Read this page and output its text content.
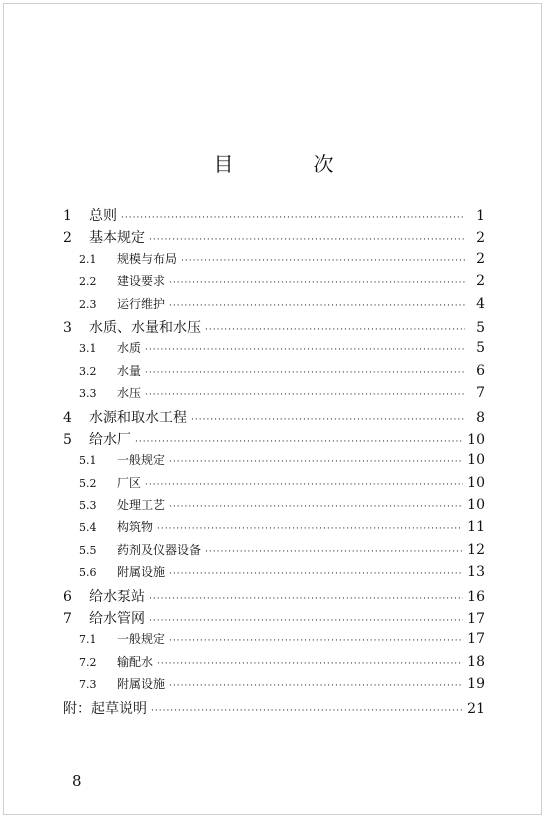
目　次
1	总则 ·····	1
2	基本规定 ·····	2
2.1	规模与布局 ·····	2
2.2	建设要求 ·····	2
2.3	运行维护 ·····	4
3	水质、水量和水压 ·····	5
3.1	水质 ·····	5
3.2	水量 ·····	6
3.3	水压 ·····	7
4	水源和取水工程 ·····	8
5	给水厂 ·····	10
5.1	一般规定 ·····	10
5.2	厂区 ·····	10
5.3	处理工艺 ·····	10
5.4	构筑物 ·····	11
5.5	药剂及仪器设备 ·····	12
5.6	附属设施 ·····	13
6	给水泵站 ·····	16
7	给水管网 ·····	17
7.1	一般规定 ·····	17
7.2	输配水 ·····	18
7.3	附属设施 ·····	19
附：起草说明 ·····	21
8
